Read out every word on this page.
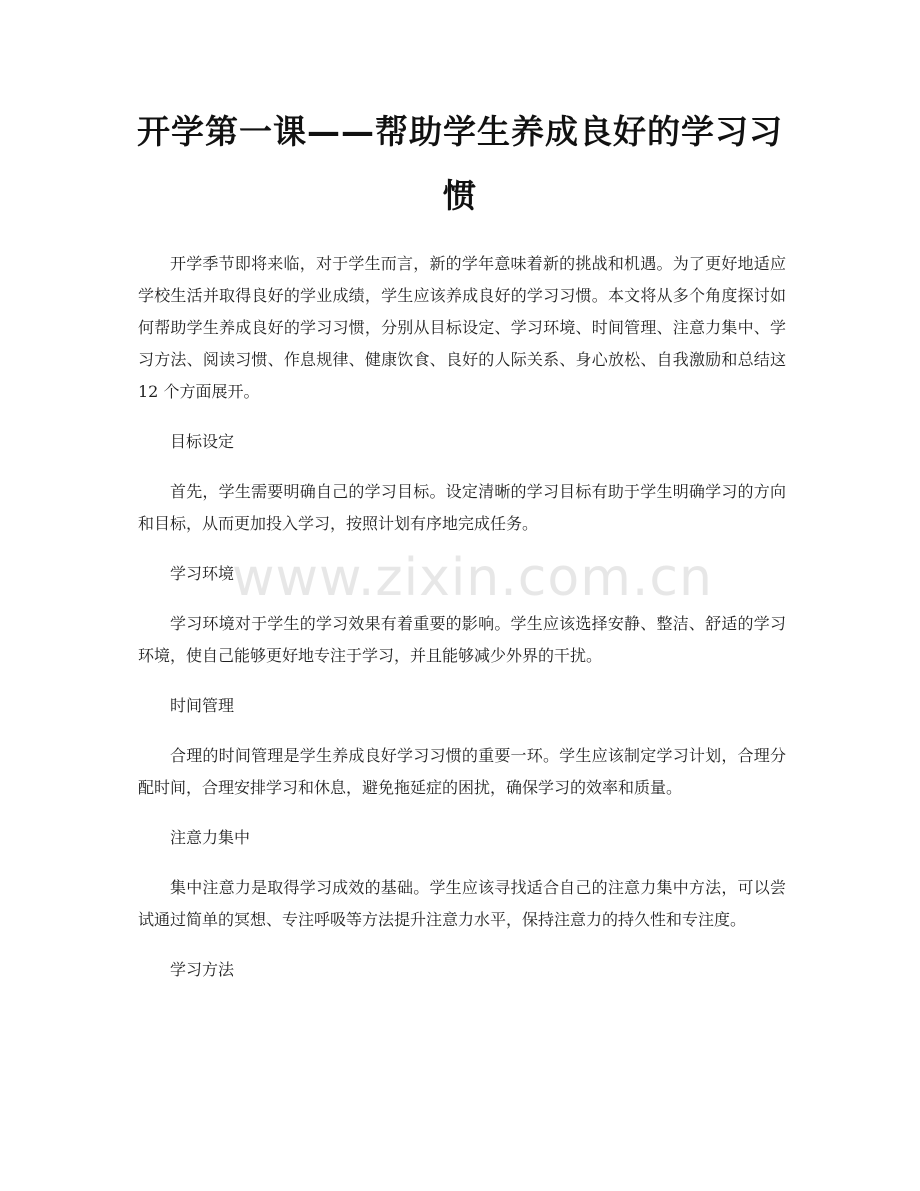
开学第一课——帮助学生养成良好的学习习惯

开学季节即将来临，对于学生而言，新的学年意味着新的挑战和机遇。为了更好地适应学校生活并取得良好的学业成绩，学生应该养成良好的学习习惯。本文将从多个角度探讨如何帮助学生养成良好的学习习惯，分别从目标设定、学习环境、时间管理、注意力集中、学习方法、阅读习惯、作息规律、健康饮食、良好的人际关系、身心放松、自我激励和总结这 12 个方面展开。

目标设定

首先，学生需要明确自己的学习目标。设定清晰的学习目标有助于学生明确学习的方向和目标，从而更加投入学习，按照计划有序地完成任务。

学习环境

学习环境对于学生的学习效果有着重要的影响。学生应该选择安静、整洁、舒适的学习环境，使自己能够更好地专注于学习，并且能够减少外界的干扰。

时间管理

合理的时间管理是学生养成良好学习习惯的重要一环。学生应该制定学习计划，合理分配时间，合理安排学习和休息，避免拖延症的困扰，确保学习的效率和质量。

注意力集中

集中注意力是取得学习成效的基础。学生应该寻找适合自己的注意力集中方法，可以尝试通过简单的冥想、专注呼吸等方法提升注意力水平，保持注意力的持久性和专注度。

学习方法

www.zixin.com.cn
